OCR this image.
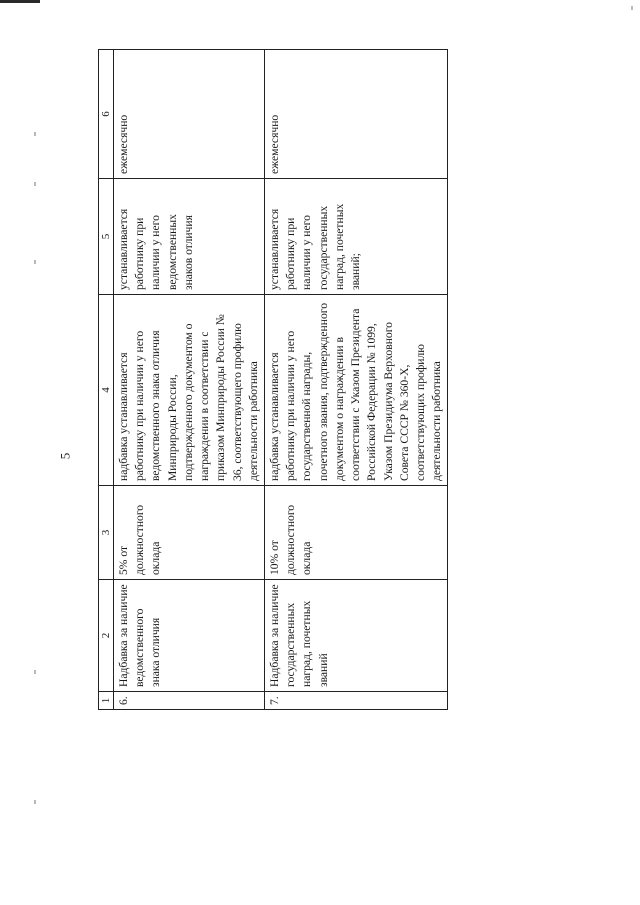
5
1	2	3	4	5	6
6.	Надбавка за наличие ведомственного знака отличия	5% от должностного оклада	надбавка устанавливается работнику при наличии у него ведомственного знака отличия Минприроды России, подтвержденного документом о награждении в соответствии с приказом Минприроды России № 36, соответствующего профилю деятельности работника	устанавливается работнику при наличии у него ведомственных знаков отличия	ежемесячно
7.	Надбавка за наличие государственных наград, почетных званий	10% от должностного оклада	надбавка устанавливается работнику при наличии у него государственной награды, почетного звания, подтвержденного документом о награждении в соответствии с Указом Президента Российской Федерации № 1099, Указом Президиума Верховного Совета СССР № 360-Х, соответствующих профилю деятельности работника	устанавливается работнику при наличии у него государственных наград, почетных званий;	ежемесячно
